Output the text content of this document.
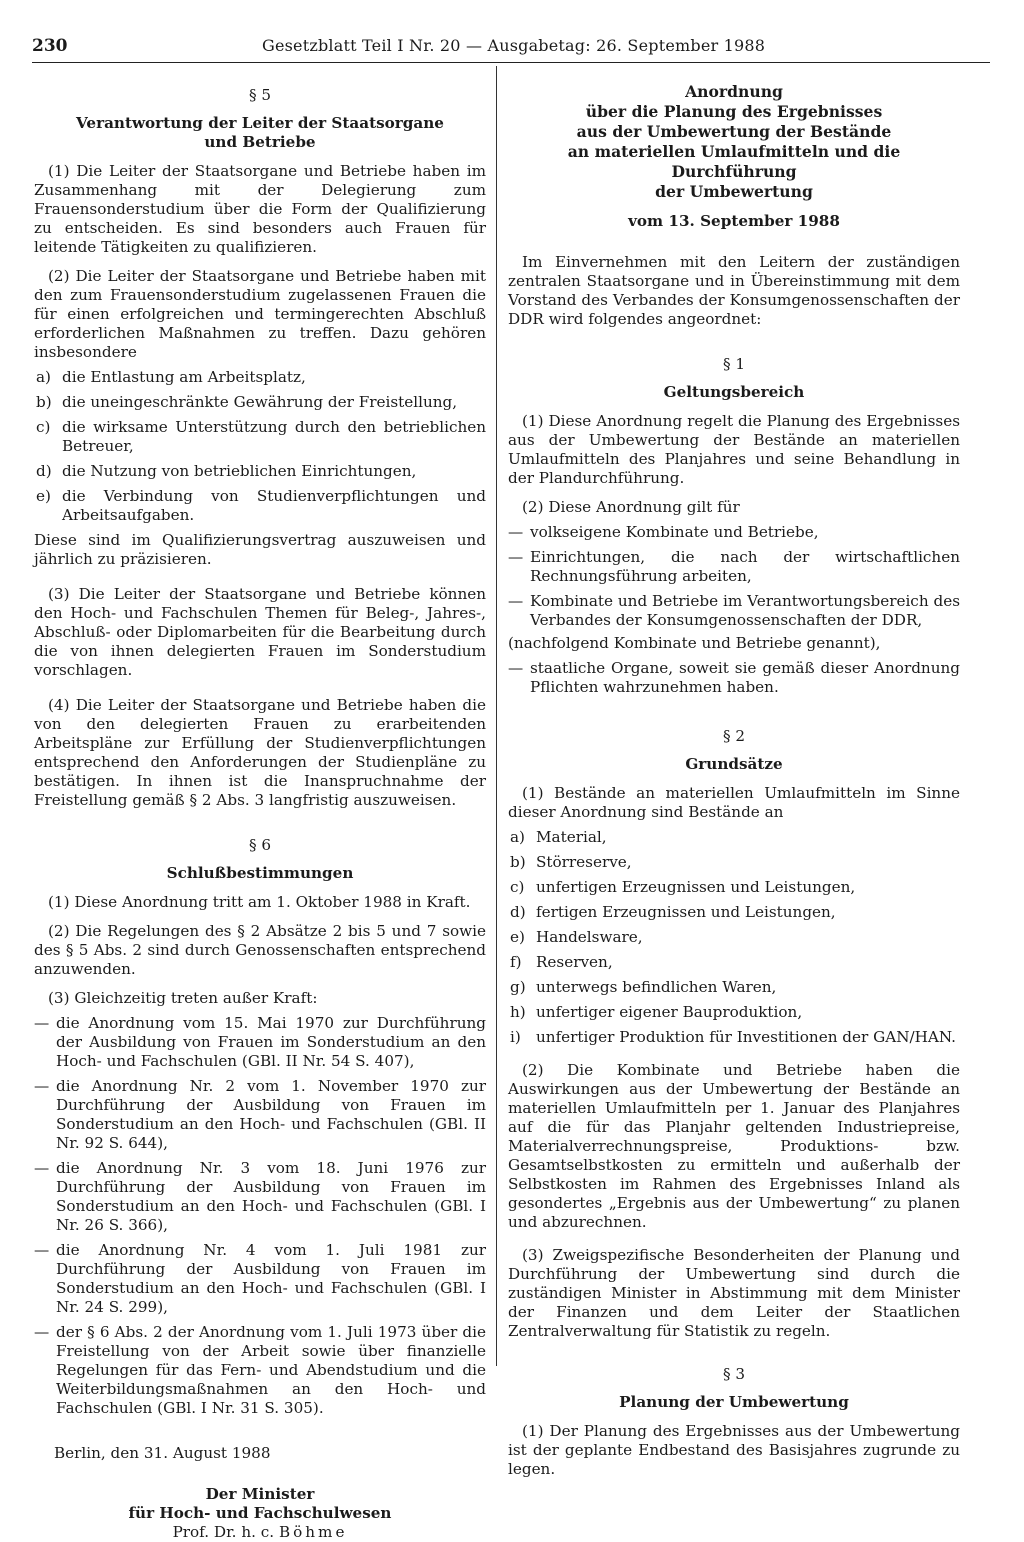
230	Gesetzblatt Teil I Nr. 20 — Ausgabetag: 26. September 1988
§ 5
Verantwortung der Leiter der Staatsorgane
und Betriebe

(1) Die Leiter der Staatsorgane und Betriebe haben im Zusammenhang mit der Delegierung zum Frauensonderstudium über die Form der Qualifizierung zu entscheiden. Es sind besonders auch Frauen für leitende Tätigkeiten zu qualifizieren.

(2) Die Leiter der Staatsorgane und Betriebe haben mit den zum Frauensonderstudium zugelassenen Frauen die für einen erfolgreichen und termingerechten Abschluß erforderlichen Maßnahmen zu treffen. Dazu gehören insbesondere

a) die Entlastung am Arbeitsplatz,
b) die uneingeschränkte Gewährung der Freistellung,
c) die wirksame Unterstützung durch den betrieblichen Betreuer,
d) die Nutzung von betrieblichen Einrichtungen,
e) die Verbindung von Studienverpflichtungen und Arbeitsaufgaben.

Diese sind im Qualifizierungsvertrag auszuweisen und jährlich zu präzisieren.

(3) Die Leiter der Staatsorgane und Betriebe können den Hoch- und Fachschulen Themen für Beleg-, Jahres-, Abschluß- oder Diplomarbeiten für die Bearbeitung durch die von ihnen delegierten Frauen im Sonderstudium vorschlagen.

(4) Die Leiter der Staatsorgane und Betriebe haben die von den delegierten Frauen zu erarbeitenden Arbeitspläne zur Erfüllung der Studienverpflichtungen entsprechend den Anforderungen der Studienpläne zu bestätigen. In ihnen ist die Inanspruchnahme der Freistellung gemäß § 2 Abs. 3 langfristig auszuweisen.

§ 6
Schlußbestimmungen

(1) Diese Anordnung tritt am 1. Oktober 1988 in Kraft.

(2) Die Regelungen des § 2 Absätze 2 bis 5 und 7 sowie des § 5 Abs. 2 sind durch Genossenschaften entsprechend anzuwenden.

(3) Gleichzeitig treten außer Kraft:

— die Anordnung vom 15. Mai 1970 zur Durchführung der Ausbildung von Frauen im Sonderstudium an den Hoch- und Fachschulen (GBl. II Nr. 54 S. 407),
— die Anordnung Nr. 2 vom 1. November 1970 zur Durchführung der Ausbildung von Frauen im Sonderstudium an den Hoch- und Fachschulen (GBl. II Nr. 92 S. 644),
— die Anordnung Nr. 3 vom 18. Juni 1976 zur Durchführung der Ausbildung von Frauen im Sonderstudium an den Hoch- und Fachschulen (GBl. I Nr. 26 S. 366),
— die Anordnung Nr. 4 vom 1. Juli 1981 zur Durchführung der Ausbildung von Frauen im Sonderstudium an den Hoch- und Fachschulen (GBl. I Nr. 24 S. 299),
— der § 6 Abs. 2 der Anordnung vom 1. Juli 1973 über die Freistellung von der Arbeit sowie über finanzielle Regelungen für das Fern- und Abendstudium und die Weiterbildungsmaßnahmen an den Hoch- und Fachschulen (GBl. I Nr. 31 S. 305).

Berlin, den 31. August 1988

Der Minister
für Hoch- und Fachschulwesen
Prof. Dr. h. c. Böhme
Anordnung
über die Planung des Ergebnisses
aus der Umbewertung der Bestände
an materiellen Umlaufmitteln und die Durchführung
der Umbewertung
vom 13. September 1988

Im Einvernehmen mit den Leitern der zuständigen zentralen Staatsorgane und in Übereinstimmung mit dem Vorstand des Verbandes der Konsumgenossenschaften der DDR wird folgendes angeordnet:

§ 1
Geltungsbereich

(1) Diese Anordnung regelt die Planung des Ergebnisses aus der Umbewertung der Bestände an materiellen Umlaufmitteln des Planjahres und seine Behandlung in der Plandurchführung.

(2) Diese Anordnung gilt für

— volkseigene Kombinate und Betriebe,
— Einrichtungen, die nach der wirtschaftlichen Rechnungsführung arbeiten,
— Kombinate und Betriebe im Verantwortungsbereich des Verbandes der Konsumgenossenschaften der DDR,

(nachfolgend Kombinate und Betriebe genannt),

— staatliche Organe, soweit sie gemäß dieser Anordnung Pflichten wahrzunehmen haben.
§ 2
Grundsätze

(1) Bestände an materiellen Umlaufmitteln im Sinne dieser Anordnung sind Bestände an

a) Material,
b) Störreserve,
c) unfertigen Erzeugnissen und Leistungen,
d) fertigen Erzeugnissen und Leistungen,
e) Handelsware,
f) Reserven,
g) unterwegs befindlichen Waren,
h) unfertiger eigener Bauproduktion,
i)	unfertiger Produktion für Investitionen der GAN/HAN.

(2) Die Kombinate und Betriebe haben die Auswirkungen aus der Umbewertung der Bestände an materiellen Umlaufmitteln per 1. Januar des Planjahres auf die für das Planjahr geltenden Industriepreise, Materialverrechnungspreise, Produktions- bzw. Gesamtselbstkosten zu ermitteln und außerhalb der Selbstkosten im Rahmen des Ergebnisses Inland als gesondertes „Ergebnis aus der Umbewertung“ zu planen und abzurechnen.

(3) Zweigspezifische Besonderheiten der Planung und Durchführung der Umbewertung sind durch die zuständigen Minister in Abstimmung mit dem Minister der Finanzen und dem Leiter der Staatlichen Zentralverwaltung für Statistik zu regeln.

§ 3
Planung der Umbewertung

(1) Der Planung des Ergebnisses aus der Umbewertung ist der geplante Endbestand des Basisjahres zugrunde zu legen.
